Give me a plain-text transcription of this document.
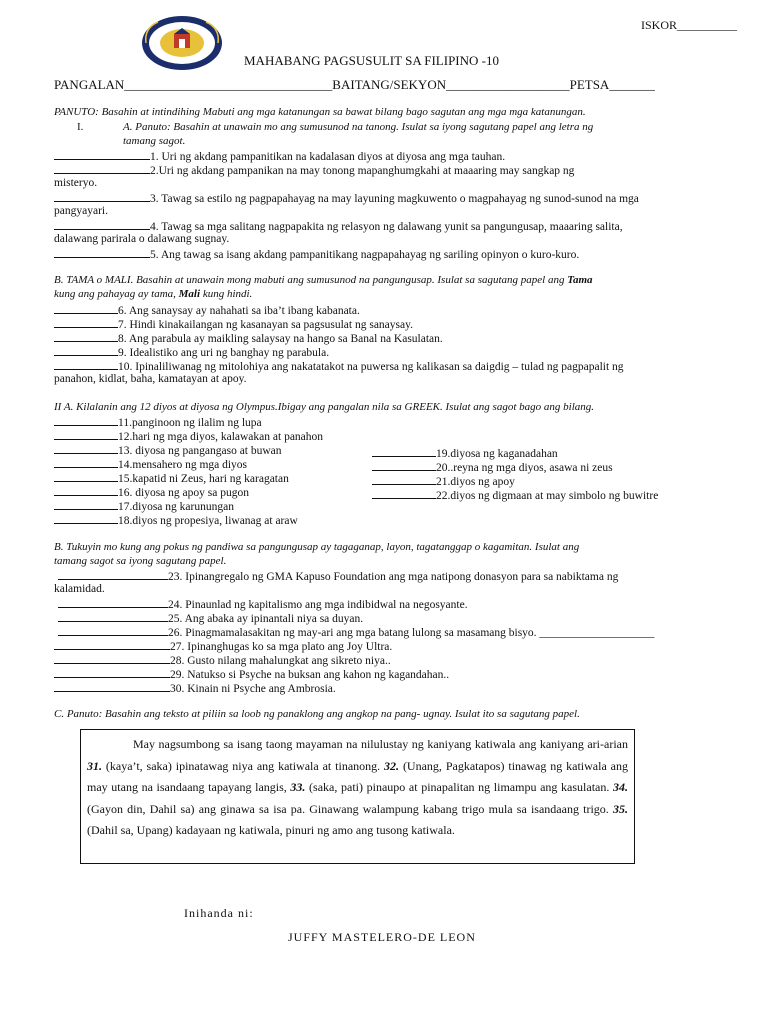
ISKOR__________
MAHABANG PAGSUSULIT SA FILIPINO -10
PANGALAN________________________________BAITANG/SEKYON___________________PETSA_______
PANUTO: Basahin at intindihing Mabuti ang mga katanungan sa bawat bilang bago sagutan ang mga mga katanungan.
I.	A. Panuto: Basahin at unawain mo ang sumusunod na tanong. Isulat sa iyong sagutang papel ang letra ng
tamang sagot.
1. Uri ng akdang pampanitikan na kadalasan diyos at diyosa ang mga tauhan.
2.Uri ng akdang pampanikan na may tonong mapanghumgkahi at maaaring may sangkap ng
misteryo.
3. Tawag sa estilo ng pagpapahayag na may layuning magkuwento o magpahayag ng sunod-sunod na mga
pangyayari.
4. Tawag sa mga salitang nagpapakita ng relasyon ng dalawang yunit sa pangungusap, maaaring salita,
dalawang parirala o dalawang sugnay.
5. Ang tawag sa isang akdang pampanitikang nagpapahayag ng sariling opinyon o kuro-kuro.
B. TAMA o MALI. Basahin at unawain mong mabuti ang sumusunod na pangungusap. Isulat sa sagutang papel ang Tama
kung ang pahayag ay tama, Mali kung hindi.
6. Ang sanaysay ay nahahati sa iba’t ibang kabanata.
7. Hindi kinakailangan ng kasanayan sa pagsusulat ng sanaysay.
8. Ang parabula ay maikling salaysay na hango sa Banal na Kasulatan.
9. Idealistiko ang uri ng banghay ng parabula.
10. Ipinaliliwanag ng mitolohiya ang nakatatakot na puwersa ng kalikasan sa daigdig – tulad ng pagpapalit ng
panahon, kidlat, baha, kamatayan at apoy.
II A. Kilalanin ang 12 diyos at diyosa ng Olympus.Ibigay ang pangalan nila sa GREEK. Isulat ang sagot bago ang bilang.
11.panginoon ng ilalim ng lupa
12.hari ng mga diyos, kalawakan at panahon
13. diyosa ng pangangaso at buwan
14.mensahero ng mga diyos
15.kapatid ni Zeus, hari ng karagatan
16. diyosa ng apoy sa pugon
17.diyosa ng karunungan
18.diyos ng propesiya, liwanag at araw
19.diyosa ng kaganadahan
20..reyna ng mga diyos, asawa ni zeus
21.diyos ng apoy
22.diyos ng digmaan at may simbolo ng buwitre
B. Tukuyin mo kung ang pokus ng pandiwa sa pangungusap ay tagaganap, layon, tagatanggap o kagamitan. Isulat ang
tamang sagot sa iyong sagutang papel.
23. Ipinangregalo ng GMA Kapuso Foundation ang mga natipong donasyon para sa nabiktama ng
kalamidad.
24. Pinaunlad ng kapitalismo ang mga indibidwal na negosyante.
25. Ang abaka ay ipinantali niya sa duyan.
26. Pinagmamalasakitan ng may-ari ang mga batang lulong sa masamang bisyo. ____________________
27. Ipinanghugas ko sa mga plato ang Joy Ultra.
28. Gusto nilang mahalungkat ang sikreto niya..
29. Natukso si Psyche na buksan ang kahon ng kagandahan..
30. Kinain ni Psyche ang Ambrosia.
C. Panuto: Basahin ang teksto at piliin sa loob ng panaklong ang angkop na pang- ugnay. Isulat ito sa sagutang papel.

May nagsumbong sa isang taong mayaman na nilulustay ng kaniyang katiwala ang kaniyang ari-arian 31. (kaya’t, saka) ipinatawag niya ang katiwala at tinanong. 32. (Unang, Pagkatapos) tinawag ng katiwala ang may utang na isandaang tapayang langis, 33. (saka, pati) pinaupo at pinapalitan ng limampu ang kasulatan. 34. (Gayon din, Dahil sa) ang ginawa sa isa pa. Ginawang walampung kabang trigo mula sa isandaang trigo. 35. (Dahil sa, Upang) kadayaan ng katiwala, pinuri ng amo ang tusong katiwala.

Inihanda ni:
JUFFY MASTELERO-DE LEON
